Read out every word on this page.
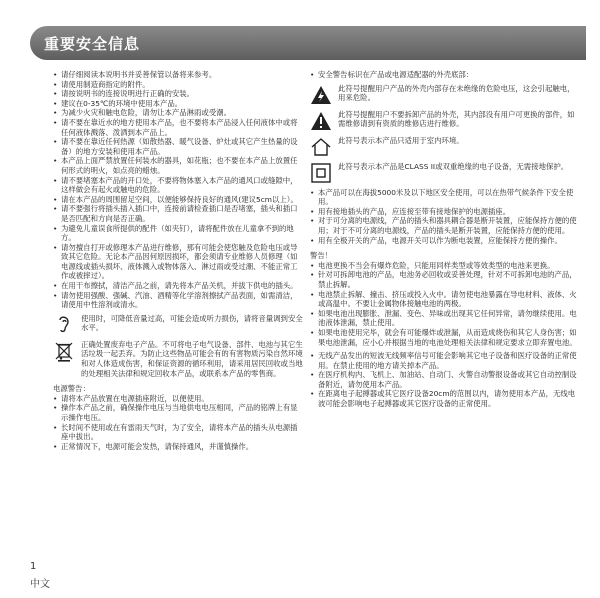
重要安全信息
• 请仔细阅读本说明书并妥善保管以备将来参考。
• 请使用制造商指定的附件。
• 请按说明书的连接说明进行正确的安装。
• 建议在0-35℃的环境中使用本产品。
• 为减少火灾和触电危险，请勿让本产品淋雨或受潮。
• 请不要在靠近水的地方使用本产品，也不要将本产品浸入任何液体中或将任何液体溅落、泼洒到本产品上。
• 请不要在靠近任何热源（如散热器、暖气设备、炉灶或其它产生热量的设备）的地方安装和使用本产品。
• 本产品上面严禁放置任何装水的器具，如花瓶；也不要在本产品上放置任何形式的明火，如点亮的蜡烛。
• 请不要堵塞本产品的开口处，不要将物体塞入本产品的通风口或缝隙中，这样做会有起火或触电的危险。
• 请在本产品的周围留足空间，以便能够保持良好的通风(建议5cm以上）。
• 请不要强行将插头插入插口中，连接前请检查插口是否堵塞，插头和插口是否匹配和方向是否正确。
• 为避免儿童误食所提供的配件（如夹钉），请将配件放在儿童拿不到的地方。
• 请勿擅自打开或修理本产品进行维修，那有可能会使您触及危险电压或导致其它危险。无论本产品因何原因损坏，都会须请专业维修人员修理（如电源线或插头损坏、液体溅入或物体落入、淋过雨或受过潮、不能正常工作或被摔过）。
• 在用干布擦拭，清洁产品之前，请先将本产品关机，并拔下供电的插头。
• 请勿使用强酸、强碱、汽油、酒精等化学溶剂擦拭产品表面，如需清洁，请使用中性溶剂或清水。
使用时，可降低音量过高，可能会造成听力损伤，请将音量调到安全水平。
正确处置废弃电子产品。不可将电子电气设备、部件、电池与其它生活垃圾一起丢弃。为防止这些物品可能会有的有害物质污染自然环境和对人体造成伤害，和保证资源的循环利用，请采用居民回收或当地的处理相关法律和规定回收本产品，或联系本产品的零售商。
电源警告：
• 请将本产品放置在电源插座附近，以便使用。
• 操作本产品之前，确保操作电压与当地供电电压相同，产品的铭牌上有显示操作电压。
• 长时间不使用或在有雷雨天气时，为了安全，请将本产品的插头从电源插座中拔出。
• 正常情况下，电源可能会发热，请保持通风，并谨慎操作。
• 安全警告标识在产品或电源适配器的外壳底部：
此符号提醒用户产品的外壳内部存在未绝缘的危险电压，这会引起触电，用来危险。
此符号提醒用户不要拆卸产品的外壳，其内部没有用户可更换的部件，如需维修请到有资质的维修店进行维修。
此符号表示本产品只适用于室内环境。
此符号表示本产品是CLASS II或双重绝缘的电子设备，无需接地保护。
• 本产品可以在海拔5000米及以下地区安全使用，可以在热带气候条件下安全使用。
• 用有接地插头的产品，应连接至带有接地保护的电源插座。
• 对于可分离的电源线，产品的插头和器具耦合器是断开装置，应能保持方便的使用；对于不可分离的电源线，产品的插头是断开装置，应能保持方便的使用。
• 用有全极开关的产品，电源开关可以作为断电装置，应能保持方便的操作。
警告！
• 电池更换不当会有爆炸危险，只能用同样类型或等效类型的电池来更换。
• 针对可拆卸电池的产品，电池务必回收或妥善处理，针对不可拆卸电池的产品，禁止拆解。
• 电池禁止拆解、撞击、挤压或投入火中。请勿使电池暴露在导电材料、液体、火或高温中。不要让金属物体接触电池的两极。
• 如果电池出现膨胀、泄漏、变色、异味或出现其它任何异常，请勿继续使用。电池液体泄漏，禁止使用。
• 如果电池使用完毕，就会有可能爆炸或泄漏，从而造成烧伤和其它人身伤害；如果电池泄漏，应小心并根据当地的电池处理相关法律和规定要求立即弃置电池。
• 无线产品发出的短波无线频率信号可能会影响其它电子设备和医疗设备的正常使用。在禁止使用的地方请关掉本产品。
• 在医疗机构内、飞机上、加油站、自动门、火警自动警报设备或其它自动控制设备附近，请勿使用本产品。
• 在距离电子起搏器或其它医疗设备20cm的范围以内，请勿使用本产品，无线电波可能会影响电子起搏器或其它医疗设备的正常使用。
1
中文
